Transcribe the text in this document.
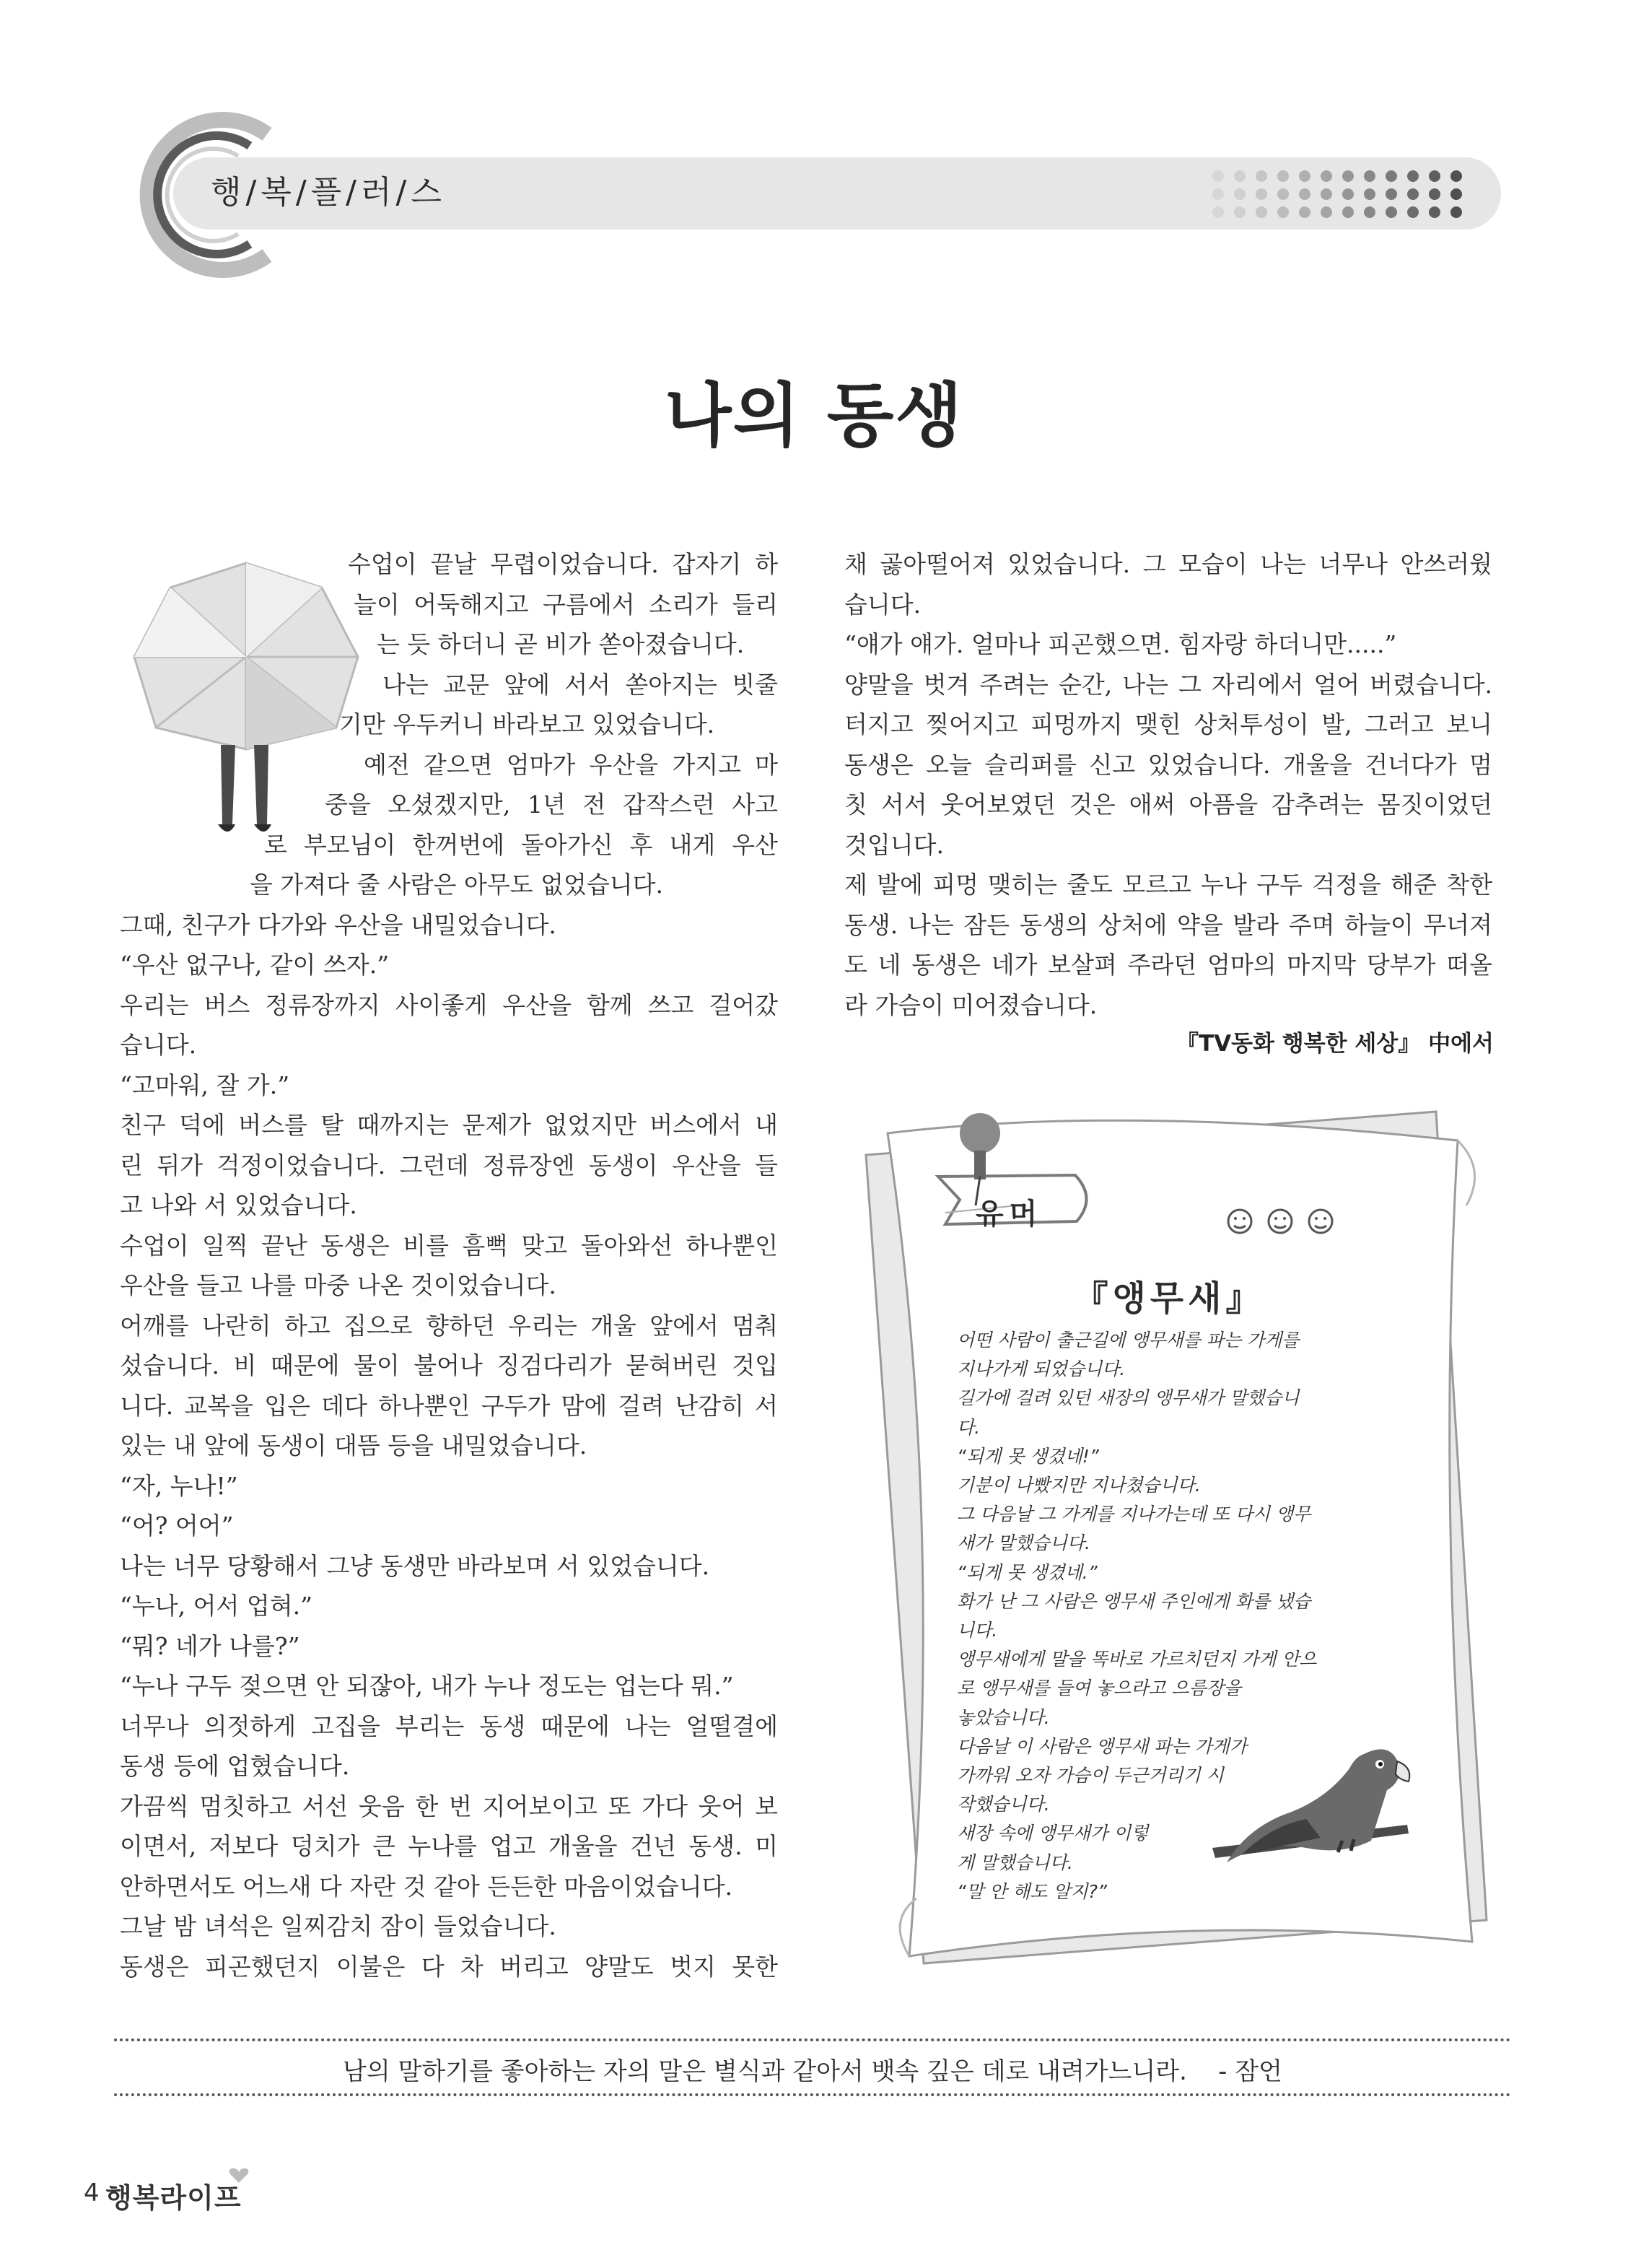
행/복/플/러/스
나의 동생
수업이 끝날 무렵이었습니다. 갑자기 하
늘이 어둑해지고 구름에서 소리가 들리
는 듯 하더니 곧 비가 쏟아졌습니다.
나는 교문 앞에 서서 쏟아지는 빗줄
기만 우두커니 바라보고 있었습니다.
예전 같으면 엄마가 우산을 가지고 마
중을 오셨겠지만, 1년 전 갑작스런 사고
로 부모님이 한꺼번에 돌아가신 후 내게 우산
을 가져다 줄 사람은 아무도 없었습니다.
그때, 친구가 다가와 우산을 내밀었습니다.
“우산 없구나, 같이 쓰자.”
우리는 버스 정류장까지 사이좋게 우산을 함께 쓰고 걸어갔
습니다.
“고마워, 잘 가.”
친구 덕에 버스를 탈 때까지는 문제가 없었지만 버스에서 내
린 뒤가 걱정이었습니다. 그런데 정류장엔 동생이 우산을 들
고 나와 서 있었습니다.
수업이 일찍 끝난 동생은 비를 흠뻑 맞고 돌아와선 하나뿐인
우산을 들고 나를 마중 나온 것이었습니다.
어깨를 나란히 하고 집으로 향하던 우리는 개울 앞에서 멈춰
섰습니다. 비 때문에 물이 불어나 징검다리가 묻혀버린 것입
니다. 교복을 입은 데다 하나뿐인 구두가 맘에 걸려 난감히 서
있는 내 앞에 동생이 대뜸 등을 내밀었습니다.
“자, 누나!”
“어? 어어”
나는 너무 당황해서 그냥 동생만 바라보며 서 있었습니다.
“누나, 어서 업혀.”
“뭐? 네가 나를?”
“누나 구두 젖으면 안 되잖아, 내가 누나 정도는 업는다 뭐.”
너무나 의젓하게 고집을 부리는 동생 때문에 나는 얼떨결에
동생 등에 업혔습니다.
가끔씩 멈칫하고 서선 웃음 한 번 지어보이고 또 가다 웃어 보
이면서, 저보다 덩치가 큰 누나를 업고 개울을 건넌 동생. 미
안하면서도 어느새 다 자란 것 같아 든든한 마음이었습니다.
그날 밤 녀석은 일찌감치 잠이 들었습니다.
동생은 피곤했던지 이불은 다 차 버리고 양말도 벗지 못한
채 곯아떨어져 있었습니다. 그 모습이 나는 너무나 안쓰러웠
습니다.
“얘가 얘가. 얼마나 피곤했으면. 힘자랑 하더니만.....”
양말을 벗겨 주려는 순간, 나는 그 자리에서 얼어 버렸습니다.
터지고 찢어지고 피멍까지 맺힌 상처투성이 발, 그러고 보니
동생은 오늘 슬리퍼를 신고 있었습니다. 개울을 건너다가 멈
칫 서서 웃어보였던 것은 애써 아픔을 감추려는 몸짓이었던
것입니다.
제 발에 피멍 맺히는 줄도 모르고 누나 구두 걱정을 해준 착한
동생. 나는 잠든 동생의 상처에 약을 발라 주며 하늘이 무너져
도 네 동생은 네가 보살펴 주라던 엄마의 마지막 당부가 떠올
라 가슴이 미어졌습니다.
『TV동화 행복한 세상』 中에서
유머
『앵무새』
어떤 사람이 출근길에 앵무새를 파는 가게를
지나가게 되었습니다.
길가에 걸려 있던 새장의 앵무새가 말했습니
다.
“되게 못 생겼네!”
기분이 나빴지만 지나쳤습니다.
그 다음날 그 가게를 지나가는데 또 다시 앵무
새가 말했습니다.
“되게 못 생겼네.”
화가 난 그 사람은 앵무새 주인에게 화를 냈습
니다.
앵무새에게 말을 똑바로 가르치던지 가게 안으
로 앵무새를 들여 놓으라고 으름장을
놓았습니다.
다음날 이 사람은 앵무새 파는 가게가
가까워 오자 가슴이 두근거리기 시
작했습니다.
새장 속에 앵무새가 이렇
게 말했습니다.
“말 안 해도 알지?”
남의 말하기를 좋아하는 자의 말은 별식과 같아서 뱃속 깊은 데로 내려가느니라. - 잠언
4 행복라이프
